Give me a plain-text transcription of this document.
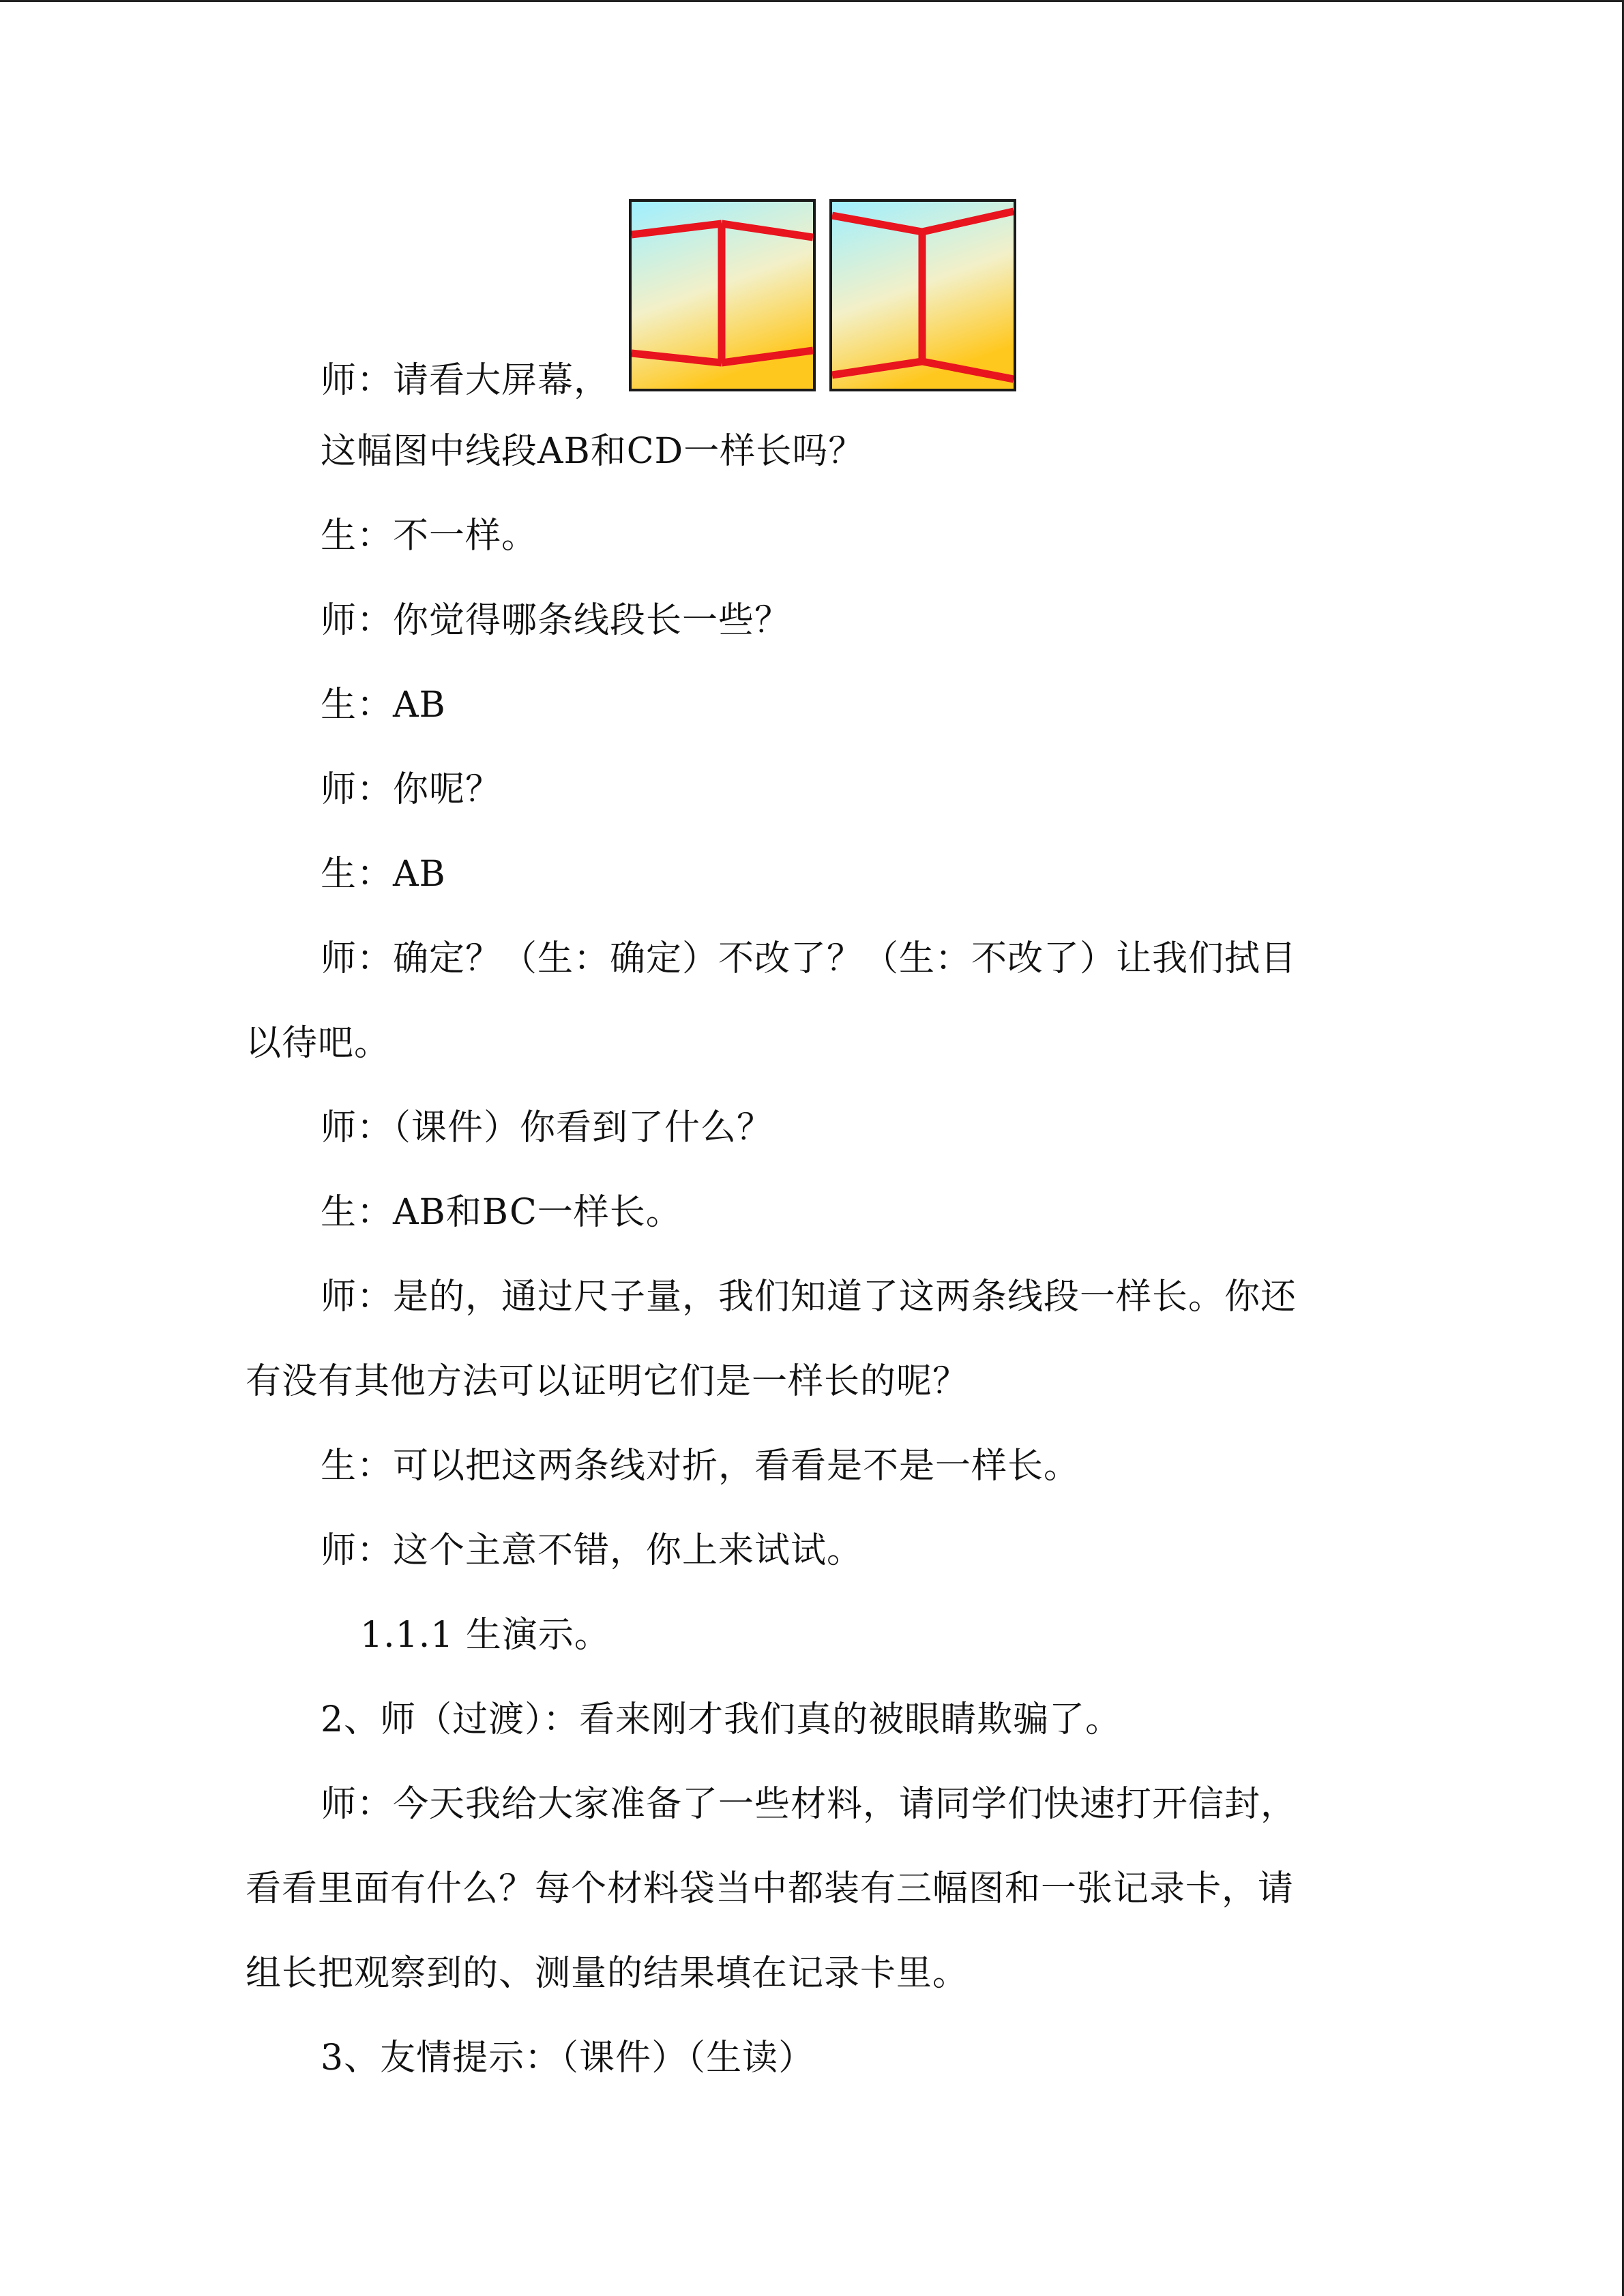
师：请看大屏幕，
这幅图中线段AB和CD一样长吗？
生：不一样。
师：你觉得哪条线段长一些？
生：AB
师：你呢？
生：AB
师：确定？（生：确定）不改了？（生：不改了）让我们拭目
以待吧。
师：（课件）你看到了什么？
生：AB和BC一样长。
师：是的，通过尺子量，我们知道了这两条线段一样长。你还
有没有其他方法可以证明它们是一样长的呢？
生：可以把这两条线对折，看看是不是一样长。
师：这个主意不错，你上来试试。
1.1.1 生演示。
2、师（过渡）：看来刚才我们真的被眼睛欺骗了。
师：今天我给大家准备了一些材料，请同学们快速打开信封，
看看里面有什么？每个材料袋当中都装有三幅图和一张记录卡，请
组长把观察到的、测量的结果填在记录卡里。
3、友情提示：（课件）（生读）
